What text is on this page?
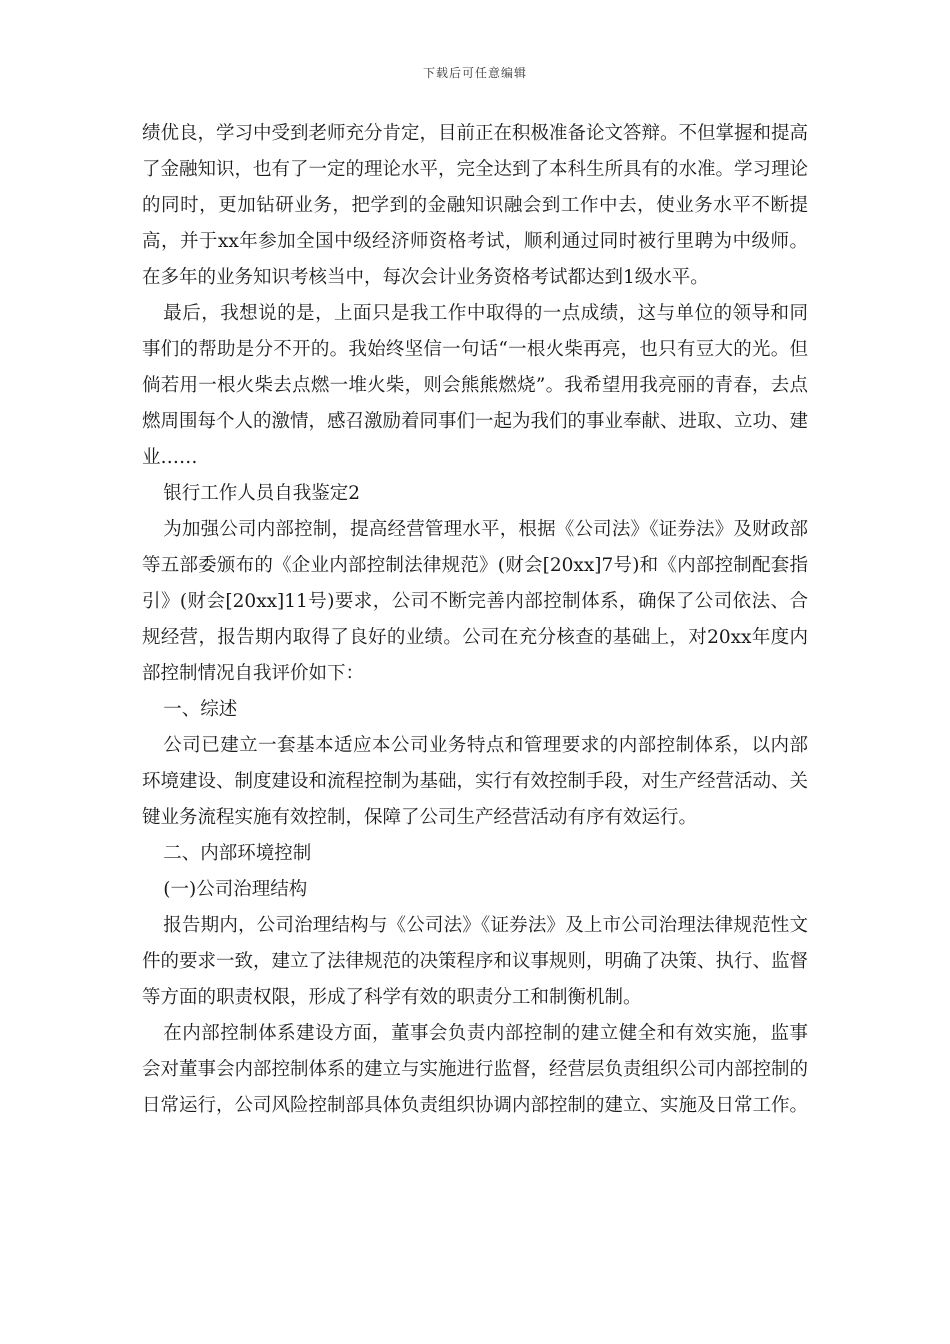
下载后可任意编辑

绩优良，学习中受到老师充分肯定，目前正在积极准备论文答辩。不但掌握和提高了金融知识，也有了一定的理论水平，完全达到了本科生所具有的水准。学习理论的同时，更加钻研业务，把学到的金融知识融会到工作中去，使业务水平不断提高，并于xx年参加全国中级经济师资格考试，顺利通过同时被行里聘为中级师。在多年的业务知识考核当中，每次会计业务资格考试都达到1级水平。

最后，我想说的是，上面只是我工作中取得的一点成绩，这与单位的领导和同事们的帮助是分不开的。我始终坚信一句话“一根火柴再亮，也只有豆大的光。但倘若用一根火柴去点燃一堆火柴，则会熊熊燃烧”。我希望用我亮丽的青春，去点燃周围每个人的激情，感召激励着同事们一起为我们的事业奉献、进取、立功、建业……

银行工作人员自我鉴定2

为加强公司内部控制，提高经营管理水平，根据《公司法》《证券法》及财政部等五部委颁布的《企业内部控制法律规范》(财会[20xx]7号)和《内部控制配套指引》(财会[20xx]11号)要求，公司不断完善内部控制体系，确保了公司依法、合规经营，报告期内取得了良好的业绩。公司在充分核查的基础上，对20xx年度内部控制情况自我评价如下：

一、综述

公司已建立一套基本适应本公司业务特点和管理要求的内部控制体系，以内部环境建设、制度建设和流程控制为基础，实行有效控制手段，对生产经营活动、关键业务流程实施有效控制，保障了公司生产经营活动有序有效运行。

二、内部环境控制

(一)公司治理结构

报告期内，公司治理结构与《公司法》《证券法》及上市公司治理法律规范性文件的要求一致，建立了法律规范的决策程序和议事规则，明确了决策、执行、监督等方面的职责权限，形成了科学有效的职责分工和制衡机制。

在内部控制体系建设方面，董事会负责内部控制的建立健全和有效实施，监事会对董事会内部控制体系的建立与实施进行监督，经营层负责组织公司内部控制的日常运行，公司风险控制部具体负责组织协调内部控制的建立、实施及日常工作。
